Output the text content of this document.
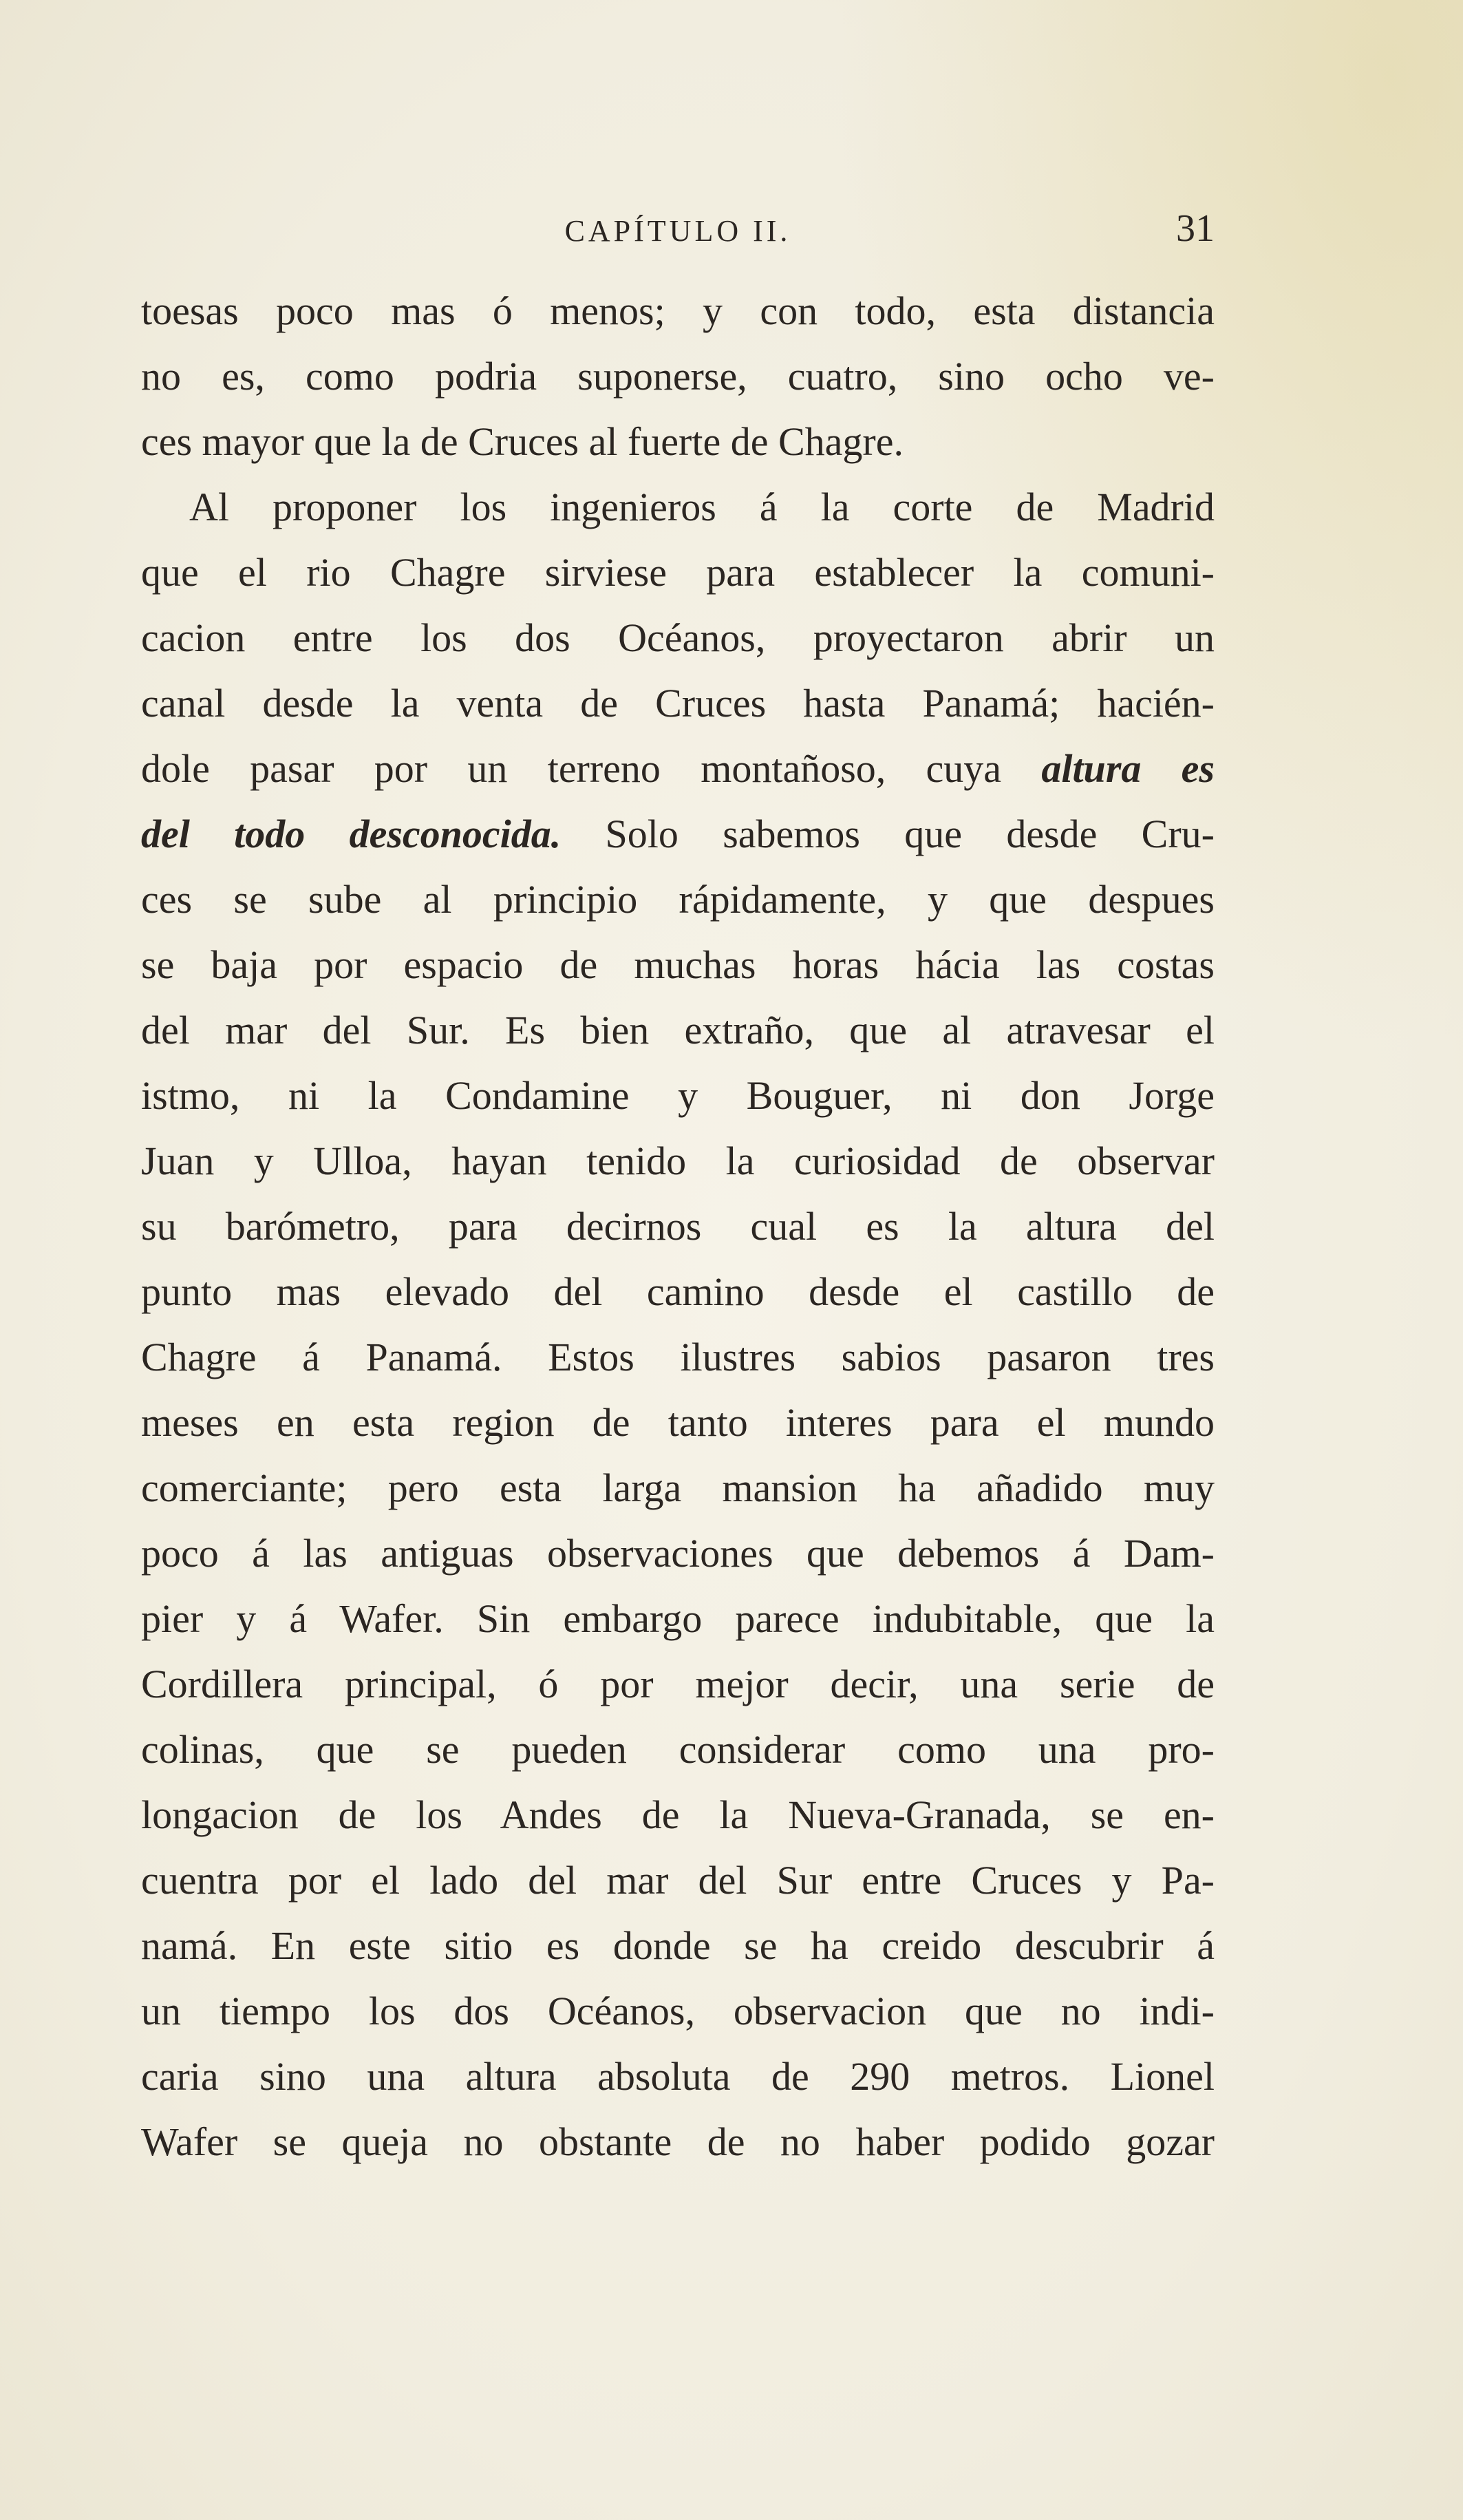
CAPÍTULO II.	31
toesas poco mas ó menos; y con todo, esta distancia
no es, como podria suponerse, cuatro, sino ocho ve-
ces mayor que la de Cruces al fuerte de Chagre.
Al proponer los ingenieros á la corte de Madrid
que el rio Chagre sirviese para establecer la comuni-
cacion entre los dos Océanos, proyectaron abrir un
canal desde la venta de Cruces hasta Panamá; hacién-
dole pasar por un terreno montañoso, cuya altura es
del todo desconocida. Solo sabemos que desde Cru-
ces se sube al principio rápidamente, y que despues
se baja por espacio de muchas horas hácia las costas
del mar del Sur. Es bien extraño, que al atravesar el
istmo, ni la Condamine y Bouguer, ni don Jorge
Juan y Ulloa, hayan tenido la curiosidad de observar
su barómetro, para decirnos cual es la altura del
punto mas elevado del camino desde el castillo de
Chagre á Panamá. Estos ilustres sabios pasaron tres
meses en esta region de tanto interes para el mundo
comerciante; pero esta larga mansion ha añadido muy
poco á las antiguas observaciones que debemos á Dam-
pier y á Wafer. Sin embargo parece indubitable, que la
Cordillera principal, ó por mejor decir, una serie de
colinas, que se pueden considerar como una pro-
longacion de los Andes de la Nueva-Granada, se en-
cuentra por el lado del mar del Sur entre Cruces y Pa-
namá. En este sitio es donde se ha creido descubrir á
un tiempo los dos Océanos, observacion que no indi-
caria sino una altura absoluta de 290 metros. Lionel
Wafer se queja no obstante de no haber podido gozar
